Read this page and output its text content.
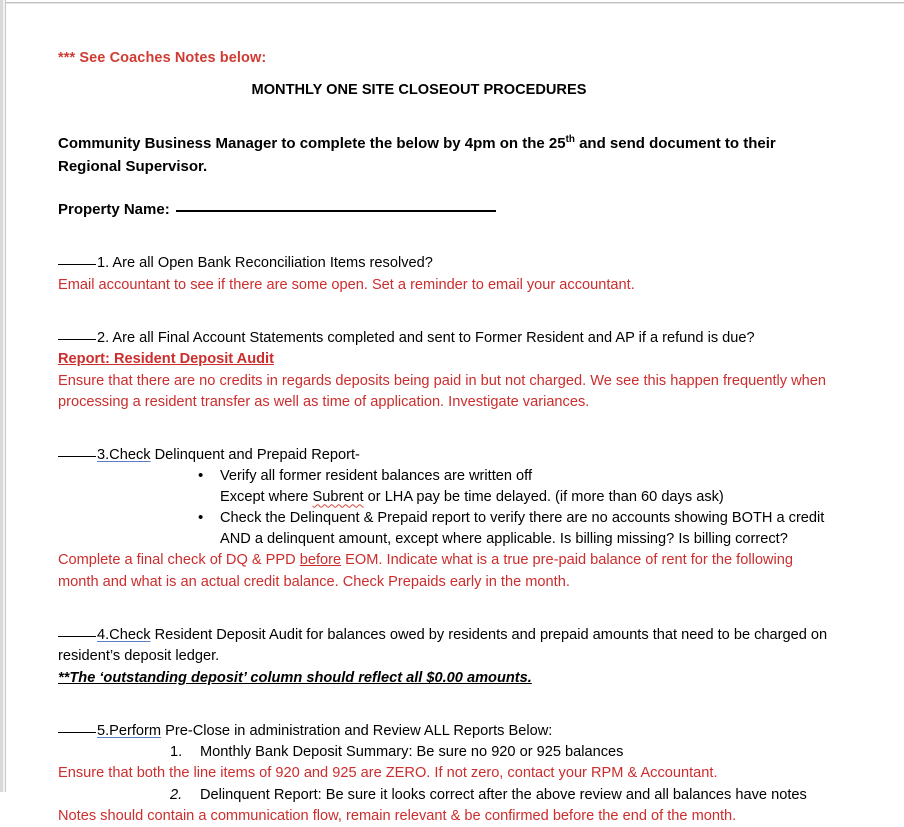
*** See Coaches Notes below:
MONTHLY ONE SITE CLOSEOUT PROCEDURES
Community Business Manager to complete the below by 4pm on the 25th and send document to their Regional Supervisor.
Property Name:
1. Are all Open Bank Reconciliation Items resolved?
Email accountant to see if there are some open. Set a reminder to email your accountant.
2. Are all Final Account Statements completed and sent to Former Resident and AP if a refund is due?
Report: Resident Deposit Audit
Ensure that there are no credits in regards deposits being paid in but not charged. We see this happen frequently when processing a resident transfer as well as time of application. Investigate variances.
3.Check Delinquent and Prepaid Report-
• Verify all former resident balances are written off
Except where Subrent or LHA pay be time delayed. (if more than 60 days ask)
• Check the Delinquent & Prepaid report to verify there are no accounts showing BOTH a credit AND a delinquent amount, except where applicable. Is billing missing? Is billing correct?
Complete a final check of DQ & PPD before EOM. Indicate what is a true pre-paid balance of rent for the following month and what is an actual credit balance. Check Prepaids early in the month.
4.Check Resident Deposit Audit for balances owed by residents and prepaid amounts that need to be charged on resident’s deposit ledger.
**The ‘outstanding deposit’ column should reflect all $0.00 amounts.
5.Perform Pre-Close in administration and Review ALL Reports Below:
1.	Monthly Bank Deposit Summary: Be sure no 920 or 925 balances
Ensure that both the line items of 920 and 925 are ZERO. If not zero, contact your RPM & Accountant.
2.	Delinquent Report: Be sure it looks correct after the above review and all balances have notes
Notes should contain a communication flow, remain relevant & be confirmed before the end of the month.
